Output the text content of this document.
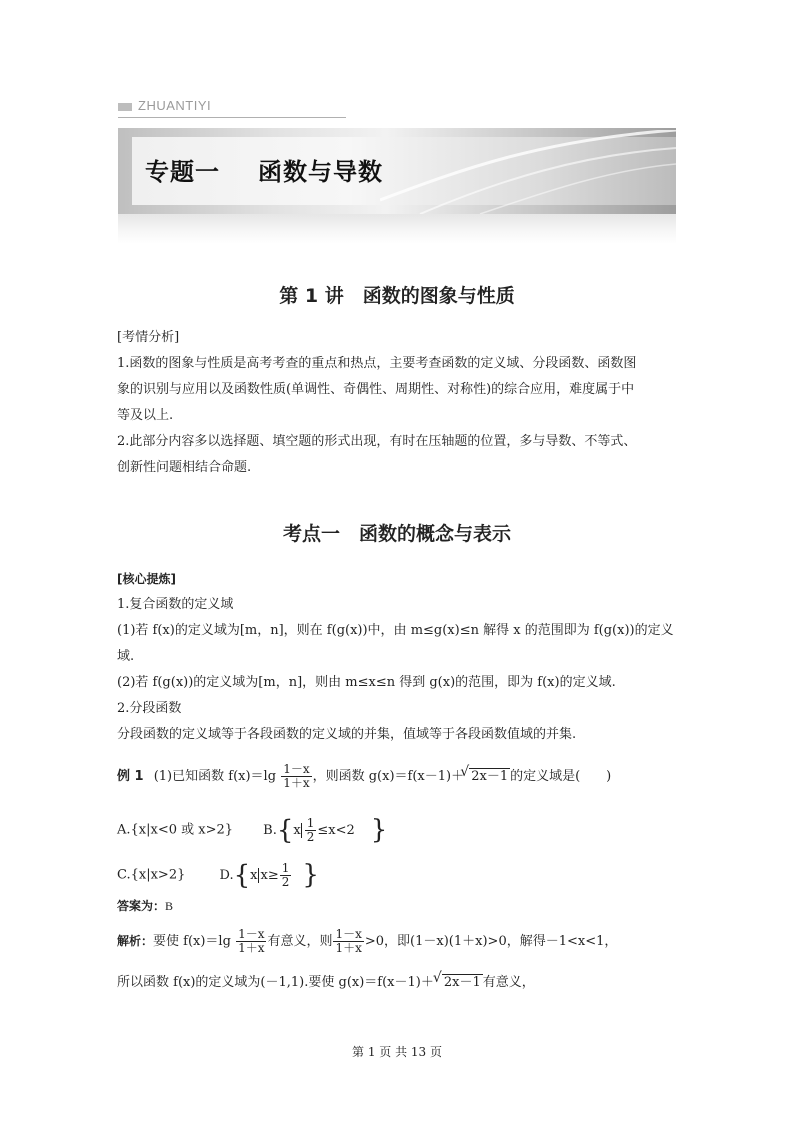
ZHUANTIYI
专题一 函数与导数
第 1 讲　函数的图象与性质
[考情分析]
1.函数的图象与性质是高考考查的重点和热点，主要考查函数的定义域、分段函数、函数图
象的识别与应用以及函数性质(单调性、奇偶性、周期性、对称性)的综合应用，难度属于中
等及以上.
2.此部分内容多以选择题、填空题的形式出现，有时在压轴题的位置，多与导数、不等式、
创新性问题相结合命题.
考点一　函数的概念与表示
[核心提炼]
1.复合函数的定义域
(1)若 f(x)的定义域为[m，n]，则在 f(g(x))中，由 m≤g(x)≤n 解得 x 的范围即为 f(g(x))的定义
域.
(2)若 f(g(x))的定义域为[m，n]，则由 m≤x≤n 得到 g(x)的范围，即为 f(x)的定义域.
2.分段函数
分段函数的定义域等于各段函数的定义域的并集，值域等于各段函数值域的并集.
例 1 (1)已知函数 $f(x)=\lg \frac{1-x}{1+x}$ ，则函数 g(x)＝f(x－1)＋ √ 2x－1 的定义域是(　　)
A.{x|x<0 或 x>2} $B.\{x \frac{1}{2} \le x<2$ }
C.{x|x>2}	D.{x $x\ge \frac{1}{2}$ }
答案为：B
解析：要使 $f(x)=\lg \frac{1-x}{1+x}$ 有意义，则 $\frac{1-x}{1+x} >0$，即(1－x)(1＋x)>0，解得－1<x<1，
所以函数 f(x)的定义域为(－1,1).要使 g(x)＝f(x－1)＋ √ 2x－1 有意义，
第 1 页 共 13 页
